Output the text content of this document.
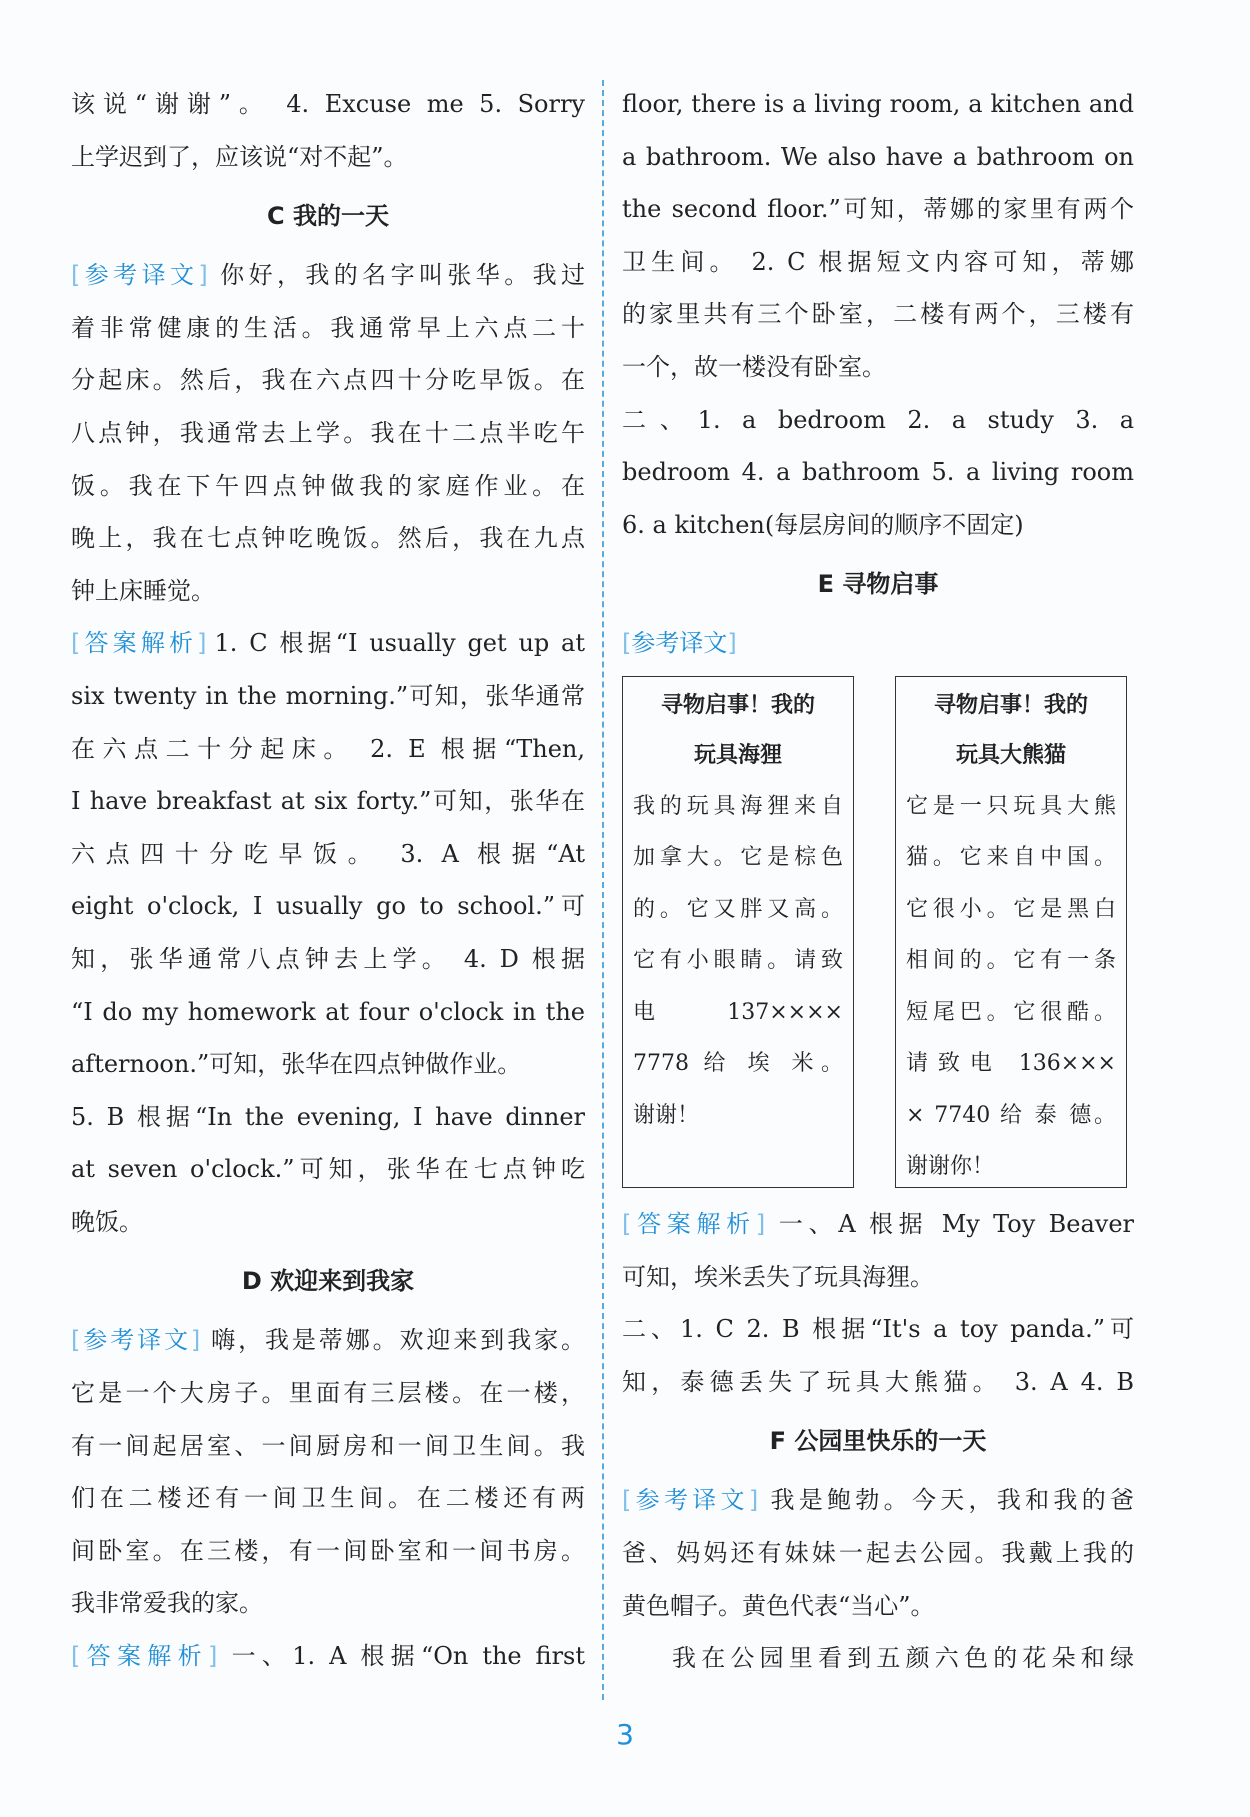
该说“谢谢”。 4. Excuse me 5. Sorry
上学迟到了，应该说“对不起”。
C 我的一天
[ 参考译文 ] 你好，我的名字叫张华。我过
着非常健康的生活。我通常早上六点二十
分起床。然后，我在六点四十分吃早饭。在
八点钟，我通常去上学。我在十二点半吃午
饭。我在下午四点钟做我的家庭作业。在
晚上，我在七点钟吃晚饭。然后，我在九点
钟上床睡觉。
[ 答案解析 ] 1. C 根据“I usually get up at
six twenty in the morning.”可知，张华通常
在六点二十分起床。 2. E 根据“Then,
I have breakfast at six forty.”可知，张华在
六点四十分吃早饭。 3. A 根据“At
eight o'clock, I usually go to school.”可
知，张华通常八点钟去上学。 4. D 根据
“I do my homework at four o'clock in the
afternoon.”可知，张华在四点钟做作业。
5. B 根据“In the evening, I have dinner
at seven o'clock.”可知，张华在七点钟吃
晚饭。
D 欢迎来到我家
[ 参考译文 ] 嗨，我是蒂娜。欢迎来到我家。
它是一个大房子。里面有三层楼。在一楼，
有一间起居室、一间厨房和一间卫生间。我
们在二楼还有一间卫生间。在二楼还有两
间卧室。在三楼，有一间卧室和一间书房。
我非常爱我的家。
[ 答案解析 ] 一、1. A 根据“On the first
floor, there is a living room, a kitchen and
a bathroom. We also have a bathroom on
the second floor.”可知，蒂娜的家里有两个
卫生间。 2. C 根据短文内容可知，蒂娜
的家里共有三个卧室，二楼有两个，三楼有
一个，故一楼没有卧室。
二、1. a bedroom 2. a study 3. a
bedroom 4. a bathroom 5. a living room
6. a kitchen(每层房间的顺序不固定)
E 寻物启事
[ 参考译文 ]
寻物启事！我的
玩具海狸
我的玩具海狸来自
加拿大。它是棕色
的。它又胖又高。
它有小眼睛。请致
电 137××××
7778 给 埃 米。
谢谢！
寻物启事！我的
玩具大熊猫
它是一只玩具大熊
猫。它来自中国。
它很小。它是黑白
相间的。它有一条
短尾巴。它很酷。
请致电 136×××
× 7740 给 泰 德。
谢谢你！
[ 答案解析 ] 一、A 根据 My Toy Beaver
可知，埃米丢失了玩具海狸。
二、1. C 2. B 根据“It's a toy panda.”可
知，泰德丢失了玩具大熊猫。 3. A 4. B
F 公园里快乐的一天
[ 参考译文 ] 我是鲍勃。今天，我和我的爸
爸、妈妈还有妹妹一起去公园。我戴上我的
黄色帽子。黄色代表“当心”。
我在公园里看到五颜六色的花朵和绿
3
